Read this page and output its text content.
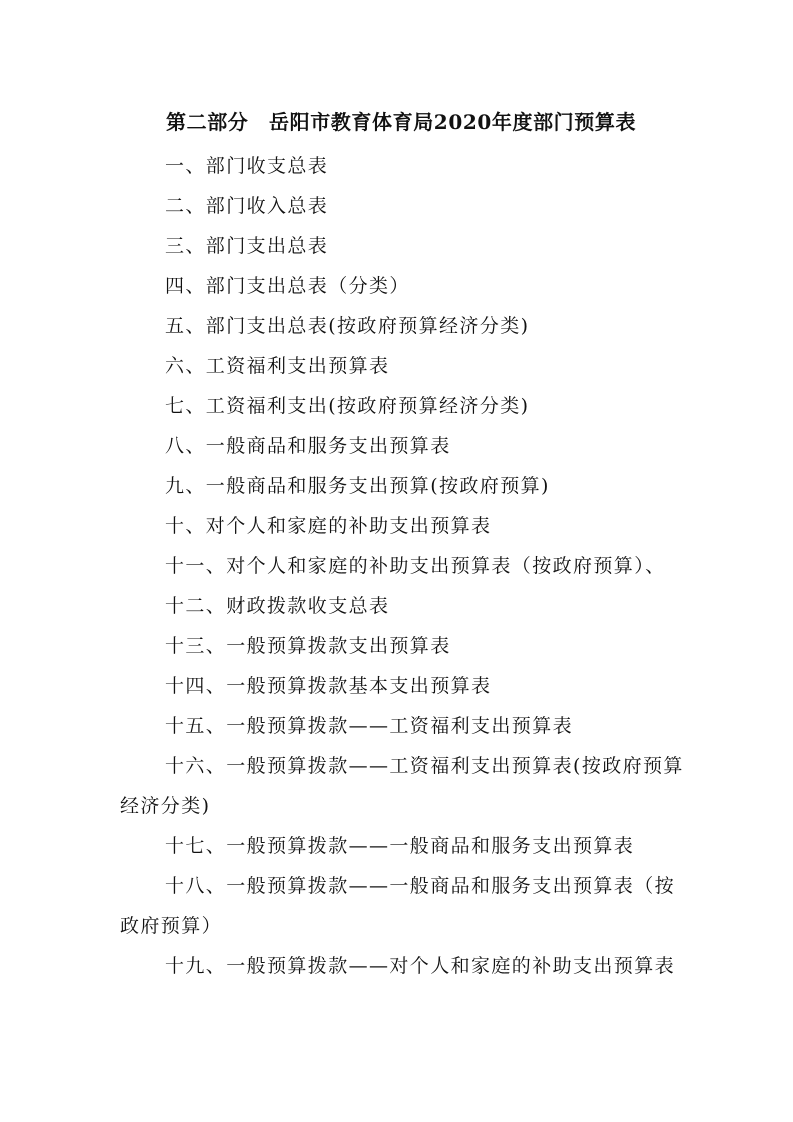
第二部分　岳阳市教育体育局2020年度部门预算表
一、部门收支总表
二、部门收入总表
三、部门支出总表
四、部门支出总表（分类）
五、部门支出总表(按政府预算经济分类)
六、工资福利支出预算表
七、工资福利支出(按政府预算经济分类)
八、一般商品和服务支出预算表
九、一般商品和服务支出预算(按政府预算)
十、对个人和家庭的补助支出预算表
十一、对个人和家庭的补助支出预算表（按政府预算）、
十二、财政拨款收支总表
十三、一般预算拨款支出预算表
十四、一般预算拨款基本支出预算表
十五、一般预算拨款——工资福利支出预算表
十六、一般预算拨款——工资福利支出预算表(按政府预算经济分类)
十七、一般预算拨款——一般商品和服务支出预算表
十八、一般预算拨款——一般商品和服务支出预算表（按政府预算）
十九、一般预算拨款——对个人和家庭的补助支出预算表
